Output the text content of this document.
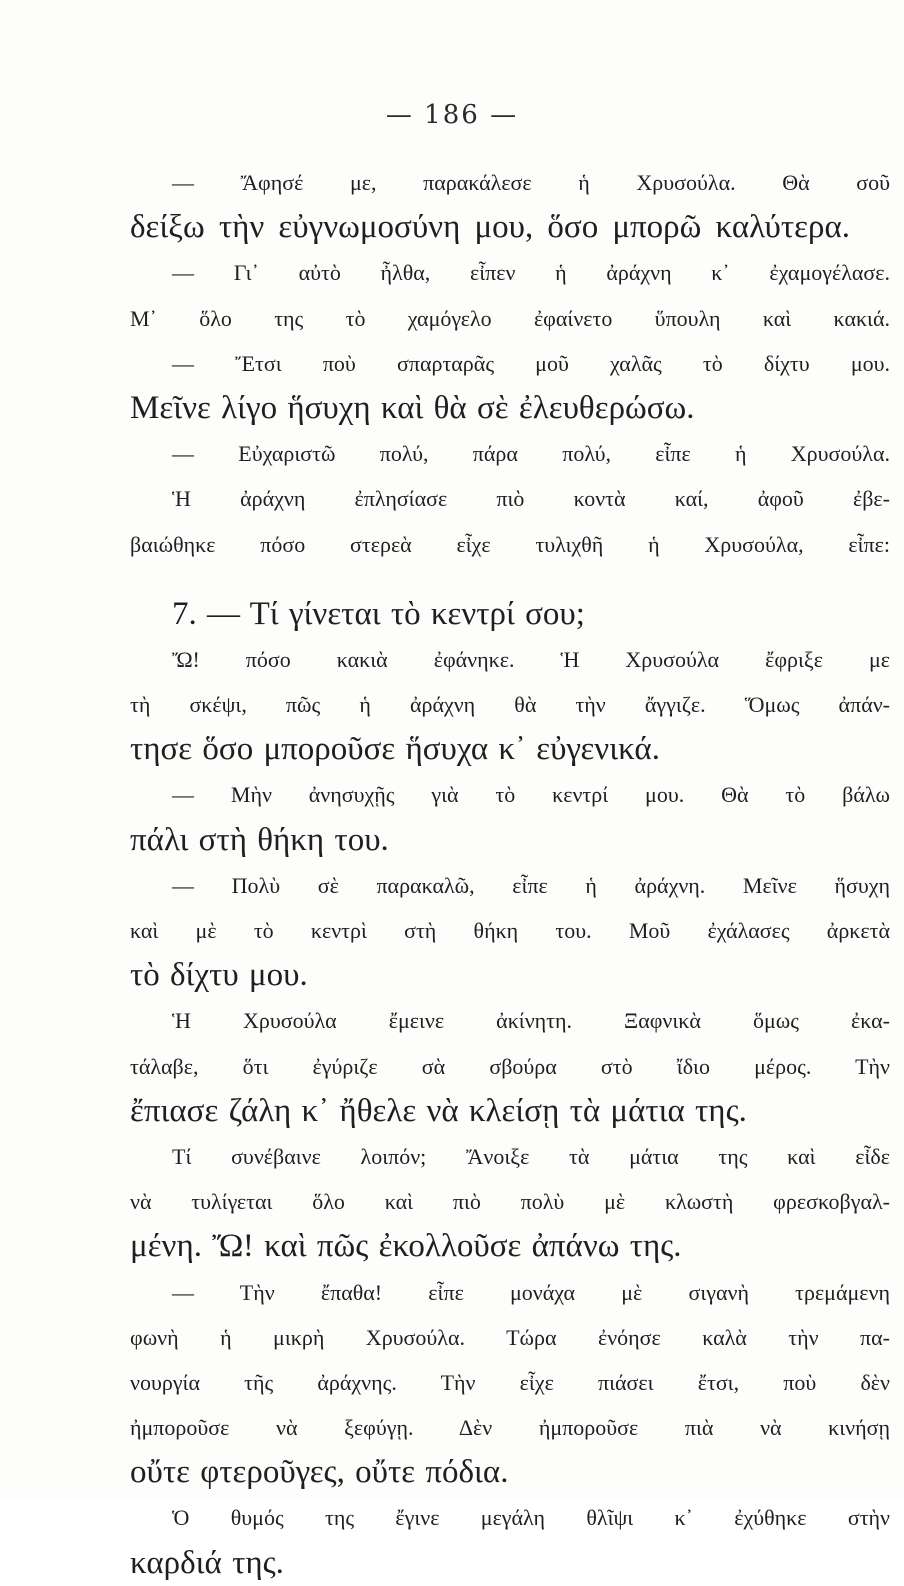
— 186 —
— Ἄφησέ με, παρακάλεσε ἡ Χρυσούλα. Θὰ σοῦ
δείξω τὴν εὐγνωμοσύνη μου, ὅσο μπορῶ καλύτερα.
— Γι᾿ αὐτὸ ἦλθα, εἶπεν ἡ ἀράχνη κ᾿ ἐχαμογέλασε.
Μ᾿ ὅλο της τὸ χαμόγελο ἐφαίνετο ὕπουλη καὶ κακιά.
— Ἔτσι ποὺ σπαρταρᾶς μοῦ χαλᾶς τὸ δίχτυ μου.
Μεῖνε λίγο ἥσυχη καὶ θὰ σὲ ἐλευθερώσω.
— Εὐχαριστῶ πολύ, πάρα πολύ, εἶπε ἡ Χρυσούλα.
Ἡ ἀράχνη ἐπλησίασε πιὸ κοντὰ καί, ἀφοῦ ἐβε-
βαιώθηκε πόσο στερεὰ εἶχε τυλιχθῆ ἡ Χρυσούλα, εἶπε:
7. — Τί γίνεται τὸ κεντρί σου;
Ὤ! πόσο κακιὰ ἐφάνηκε. Ἡ Χρυσούλα ἔφριξε με
τὴ σκέψι, πῶς ἡ ἀράχνη θὰ τὴν ἄγγιζε. Ὅμως ἀπάν-
τησε ὅσο μποροῦσε ἥσυχα κ᾿ εὐγενικά.
— Μὴν ἀνησυχῇς γιὰ τὸ κεντρί μου. Θὰ τὸ βάλω
πάλι στὴ θήκη του.
— Πολὺ σὲ παρακαλῶ, εἶπε ἡ ἀράχνη. Μεῖνε ἥσυχη
καὶ μὲ τὸ κεντρὶ στὴ θήκη του. Μοῦ ἐχάλασες ἀρκετὰ
τὸ δίχτυ μου.
Ἡ Χρυσούλα ἔμεινε ἀκίνητη. Ξαφνικὰ ὅμως ἐκα-
τάλαβε, ὅτι ἐγύριζε σὰ σβούρα στὸ ἴδιο μέρος. Τὴν
ἔπιασε ζάλη κ᾿ ἤθελε νὰ κλείσῃ τὰ μάτια της.
Τί συνέβαινε λοιπόν; Ἄνοιξε τὰ μάτια της καὶ εἶδε
νὰ τυλίγεται ὅλο καὶ πιὸ πολὺ μὲ κλωστὴ φρεσκοβγαλ-
μένη. Ὤ! καὶ πῶς ἐκολλοῦσε ἀπάνω της.
— Τὴν ἔπαθα! εἶπε μονάχα μὲ σιγανὴ τρεμάμενη
φωνὴ ἡ μικρὴ Χρυσούλα. Τώρα ἐνόησε καλὰ τὴν πα-
νουργία τῆς ἀράχνης. Τὴν εἶχε πιάσει ἔτσι, ποὺ δὲν
ἠμποροῦσε νὰ ξεφύγῃ. Δὲν ἠμποροῦσε πιὰ νὰ κινήσῃ
οὔτε φτεροῦγες, οὔτε πόδια.
Ὁ θυμός της ἔγινε μεγάλη θλῖψι κ᾿ ἐχύθηκε στὴν
καρδιά της.
